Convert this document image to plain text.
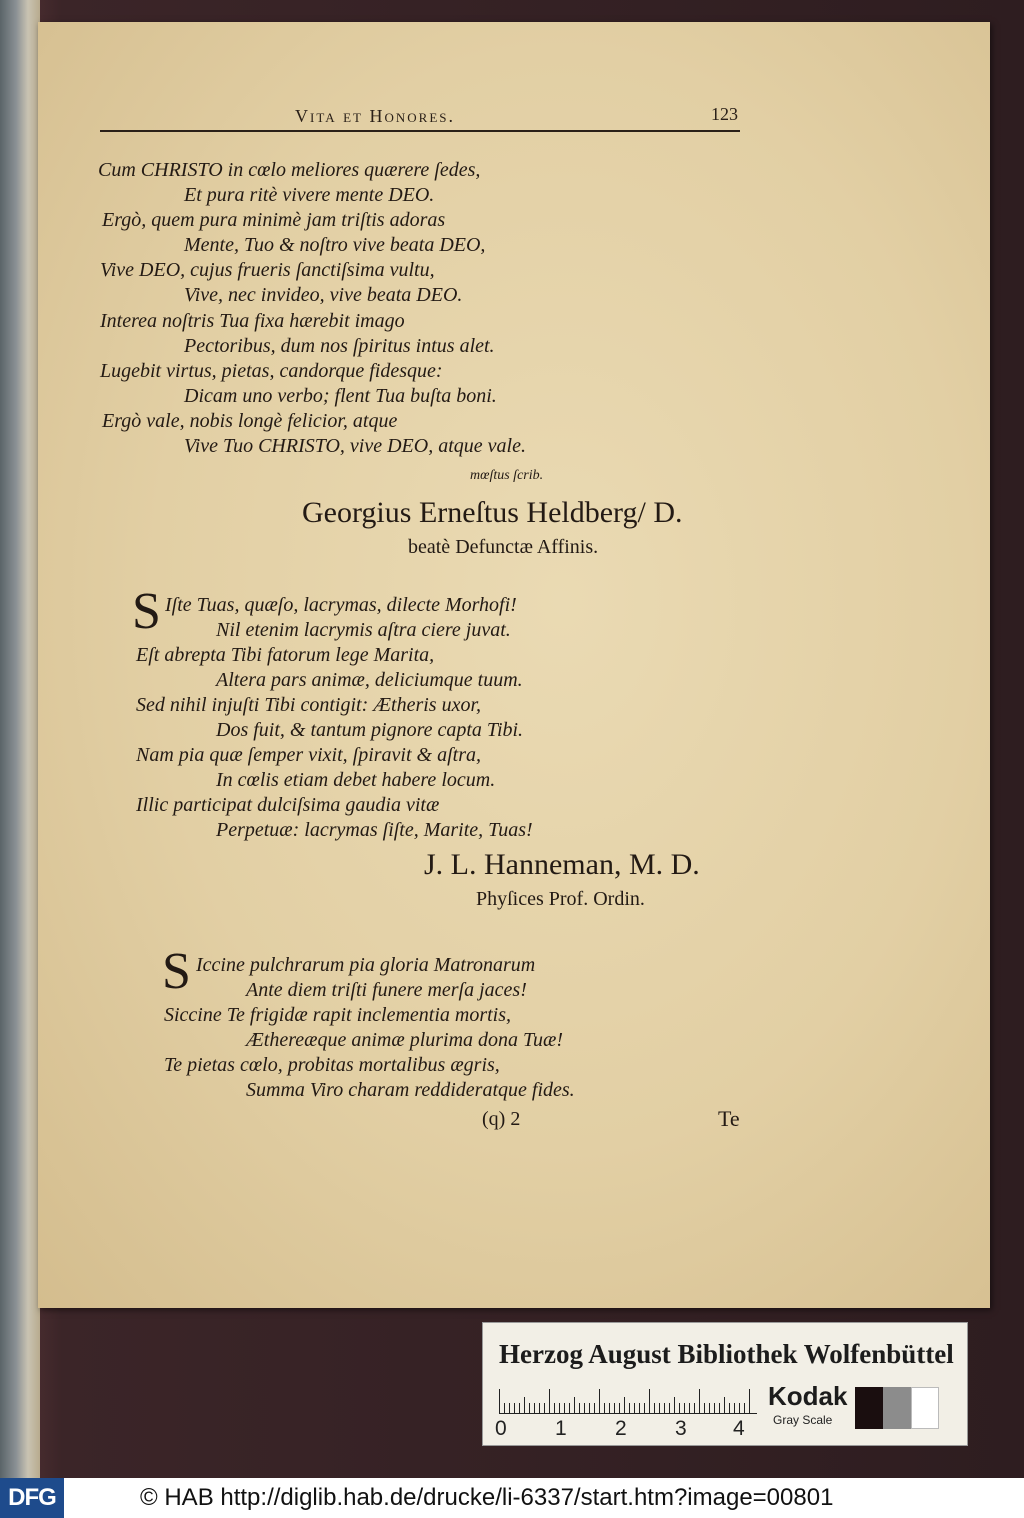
Vita et Honores.	123
Cum CHRISTO in cœlo meliores quærere ſedes,
Et pura ritè vivere mente DEO.
Ergò, quem pura minimè jam triſtis adoras
Mente, Tuo & noſtro vive beata DEO,
Vive DEO, cujus frueris ſanctiſsima vultu,
Vive, nec invideo, vive beata DEO.
Interea noſtris Tua fixa hærebit imago
Pectoribus, dum nos ſpiritus intus alet.
Lugebit virtus, pietas, candorque fidesque:
Dicam uno verbo; flent Tua buſta boni.
Ergò vale, nobis longè felicior, atque
Vive Tuo CHRISTO, vive DEO, atque vale.
mœſtus ſcrib.
Georgius Erneſtus Heldberg/ D.
beatè Defunctæ Affinis.
S Iſte Tuas, quæſo, lacrymas, dilecte Morhofi!
Nil etenim lacrymis aſtra ciere juvat.
Eſt abrepta Tibi fatorum lege Marita,
Altera pars animæ, deliciumque tuum.
Sed nihil injuſti Tibi contigit: Ætheris uxor,
Dos fuit, & tantum pignore capta Tibi.
Nam pia quæ ſemper vixit, ſpiravit & aſtra,
In cœlis etiam debet habere locum.
Illic participat dulciſsima gaudia vitæ
Perpetuæ: lacrymas ſiſte, Marite, Tuas!
J. L. Hanneman, M. D.
Phyſices Prof. Ordin.
S Iccine pulchrarum pia gloria Matronarum
Ante diem triſti funere merſa jaces!
Siccine Te frigidæ rapit inclementia mortis,
Æthereæque animæ plurima dona Tuæ!
Te pietas cœlo, probitas mortalibus ægris,
Summa Viro charam reddideratque fides.
(q) 2	Te
Herzog August Bibliothek Wolfenbüttel
0 1 2 3 4
Kodak
Gray Scale
DFG	© HAB http://diglib.hab.de/drucke/li-6337/start.htm?image=00801
